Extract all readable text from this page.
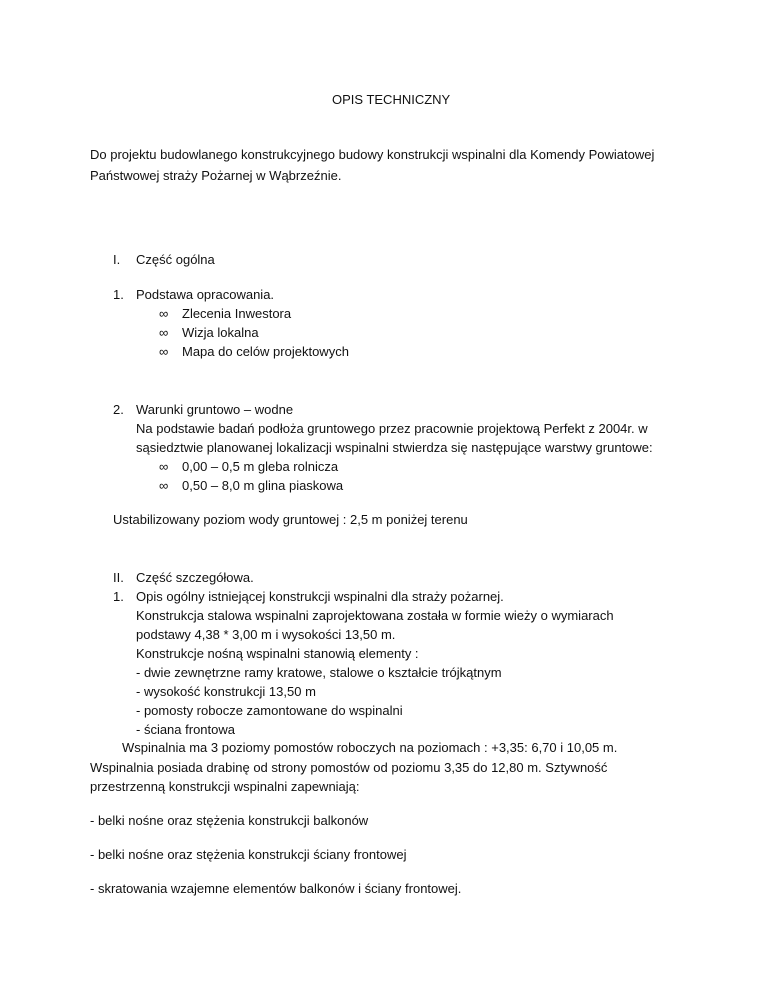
OPIS TECHNICZNY
Do projektu budowlanego konstrukcyjnego budowy konstrukcji wspinalni dla Komendy Powiatowej
Państwowej straży Pożarnej w Wąbrzeźnie.
I. Część ogólna
1. Podstawa opracowania.
∞ Zlecenia Inwestora
∞ Wizja lokalna
∞ Mapa do celów projektowych
2. Warunki gruntowo – wodne
Na podstawie badań podłoża gruntowego przez pracownie projektową Perfekt z 2004r. w
sąsiedztwie planowanej lokalizacji wspinalni stwierdza się następujące warstwy gruntowe:
∞ 0,00 – 0,5 m gleba rolnicza
∞ 0,50 – 8,0 m glina piaskowa
Ustabilizowany poziom wody gruntowej : 2,5 m poniżej terenu
II. Część szczegółowa.
1. Opis ogólny istniejącej konstrukcji wspinalni dla straży pożarnej.
Konstrukcja stalowa wspinalni zaprojektowana została w formie wieży o wymiarach
podstawy 4,38 * 3,00 m i wysokości 13,50 m.
Konstrukcje nośną wspinalni stanowią elementy :
- dwie zewnętrzne ramy kratowe, stalowe o kształcie trójkątnym
- wysokość konstrukcji 13,50 m
- pomosty robocze zamontowane do wspinalni
- ściana frontowa
Wspinalnia ma 3 poziomy pomostów roboczych na poziomach : +3,35: 6,70 i 10,05 m.
Wspinalnia posiada drabinę od strony pomostów od poziomu 3,35 do 12,80 m. Sztywność
przestrzenną konstrukcji wspinalni zapewniają:
- belki nośne oraz stężenia konstrukcji balkonów
- belki nośne oraz stężenia konstrukcji ściany frontowej
- skratowania wzajemne elementów balkonów i ściany frontowej.
